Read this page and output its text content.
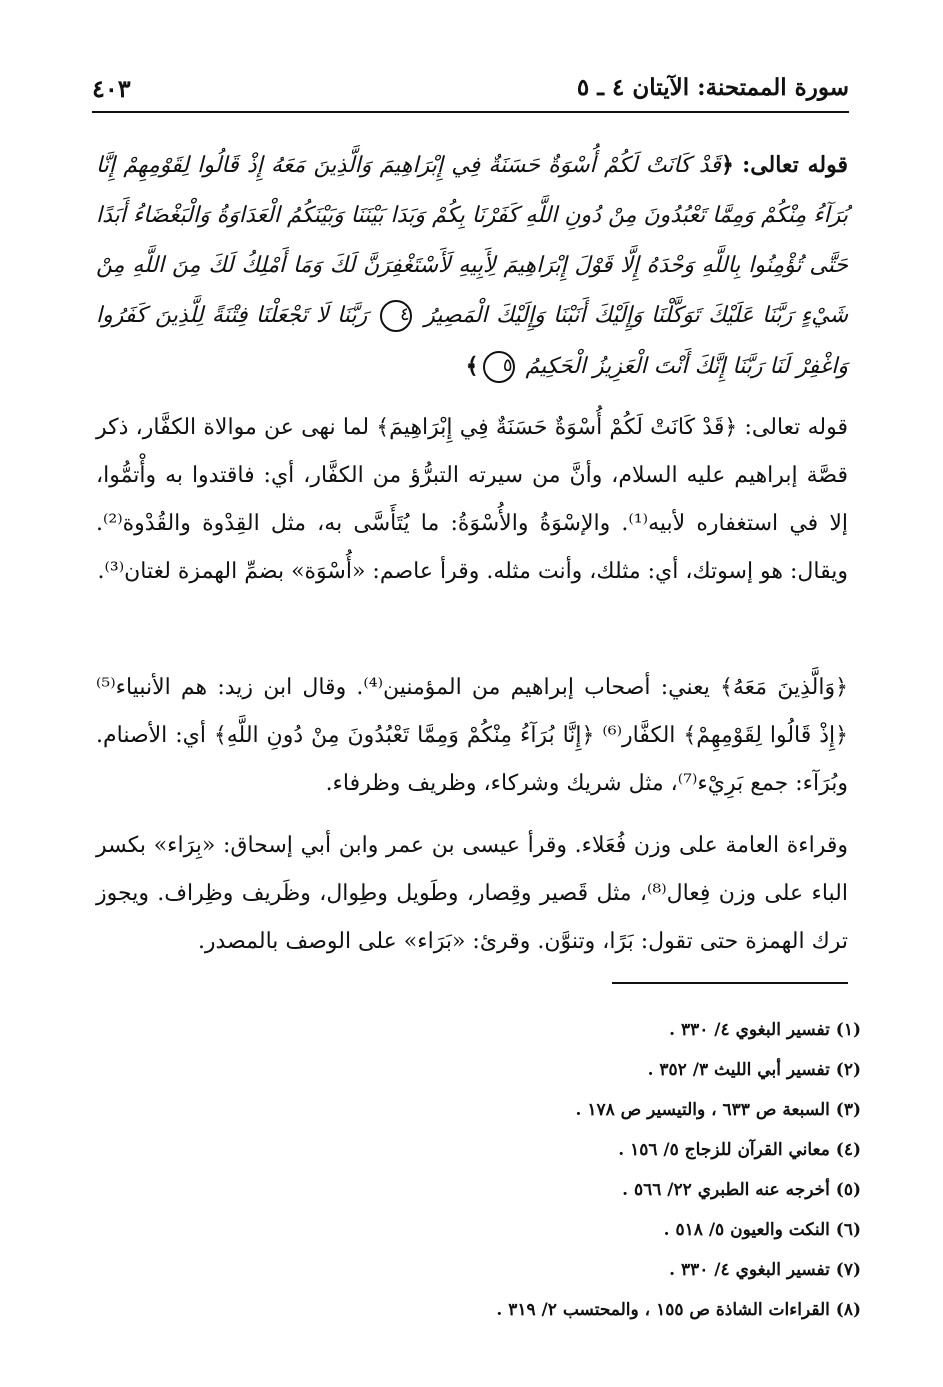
سورة الممتحنة: الآيتان ٤ ـ ٥
٤٠٣
قوله تعالى: ﴿قَدْ كَانَتْ لَكُمْ أُسْوَةٌ حَسَنَةٌ فِي إِبْرَاهِيمَ وَالَّذِينَ مَعَهُ إِذْ قَالُوا لِقَوْمِهِمْ إِنَّا بُرَآءُ مِنْكُمْ وَمِمَّا تَعْبُدُونَ مِنْ دُونِ اللَّهِ كَفَرْنَا بِكُمْ وَبَدَا بَيْنَنَا وَبَيْنَكُمُ الْعَدَاوَةُ وَالْبَغْضَاءُ أَبَدًا حَتَّى تُؤْمِنُوا بِاللَّهِ وَحْدَهُ إِلَّا قَوْلَ إِبْرَاهِيمَ لِأَبِيهِ لَأَسْتَغْفِرَنَّ لَكَ وَمَا أَمْلِكُ لَكَ مِنَ اللَّهِ مِنْ شَيْءٍ رَبَّنَا عَلَيْكَ تَوَكَّلْنَا وَإِلَيْكَ أَنَبْنَا وَإِلَيْكَ الْمَصِيرُ ٤ رَبَّنَا لَا تَجْعَلْنَا فِتْنَةً لِلَّذِينَ كَفَرُوا وَاغْفِرْ لَنَا رَبَّنَا إِنَّكَ أَنْتَ الْعَزِيزُ الْحَكِيمُ ٥﴾
قوله تعالى: ﴿قَدْ كَانَتْ لَكُمْ أُسْوَةٌ حَسَنَةٌ فِي إِبْرَاهِيمَ﴾ لما نهى عن موالاة الكفَّار، ذكر قصَّة إبراهيم عليه السلام، وأنَّ من سيرته التبرُّؤ من الكفَّار، أي: فاقتدوا به وأْتمُّوا، إلا في استغفاره لأبيه⁽¹⁾. والإسْوَةُ والأُسْوَةُ: ما يُتَأَسَّى به، مثل القِدْوة والقُدْوة⁽²⁾. ويقال: هو إسوتك، أي: مثلك، وأنت مثله. وقرأ عاصم: «أُسْوَة» بضمِّ الهمزة لغتان⁽³⁾.
﴿وَالَّذِينَ مَعَهُ﴾ يعني: أصحاب إبراهيم من المؤمنين⁽⁴⁾. وقال ابن زيد: هم الأنبياء⁽⁵⁾ ﴿إِذْ قَالُوا لِقَوْمِهِمْ﴾ الكفَّار⁽⁶⁾ ﴿إِنَّا بُرَآءُ مِنْكُمْ وَمِمَّا تَعْبُدُونَ مِنْ دُونِ اللَّهِ﴾ أي: الأصنام. وبُرَآء: جمع بَرِيْء⁽⁷⁾، مثل شريك وشركاء، وظريف وظرفاء.
وقراءة العامة على وزن فُعَلاء. وقرأ عيسى بن عمر وابن أبي إسحاق: «بِرَاء» بكسر الباء على وزن فِعال⁽⁸⁾، مثل قَصير وقِصار، وطَويل وطِوال، وظَريف وظِراف. ويجوز ترك الهمزة حتى تقول: بَرًا، وتنوَّن. وقرئ: «بَرَاء» على الوصف بالمصدر.
(١) تفسير البغوي ٤/ ٣٣٠ .
(٢) تفسير أبي الليث ٣/ ٣٥٢ .
(٣) السبعة ص ٦٣٣ ، والتيسير ص ١٧٨ .
(٤) معاني القرآن للزجاج ٥/ ١٥٦ .
(٥) أخرجه عنه الطبري ٢٢/ ٥٦٦ .
(٦) النكت والعيون ٥/ ٥١٨ .
(٧) تفسير البغوي ٤/ ٣٣٠ .
(٨) القراءات الشاذة ص ١٥٥ ، والمحتسب ٢/ ٣١٩ .
